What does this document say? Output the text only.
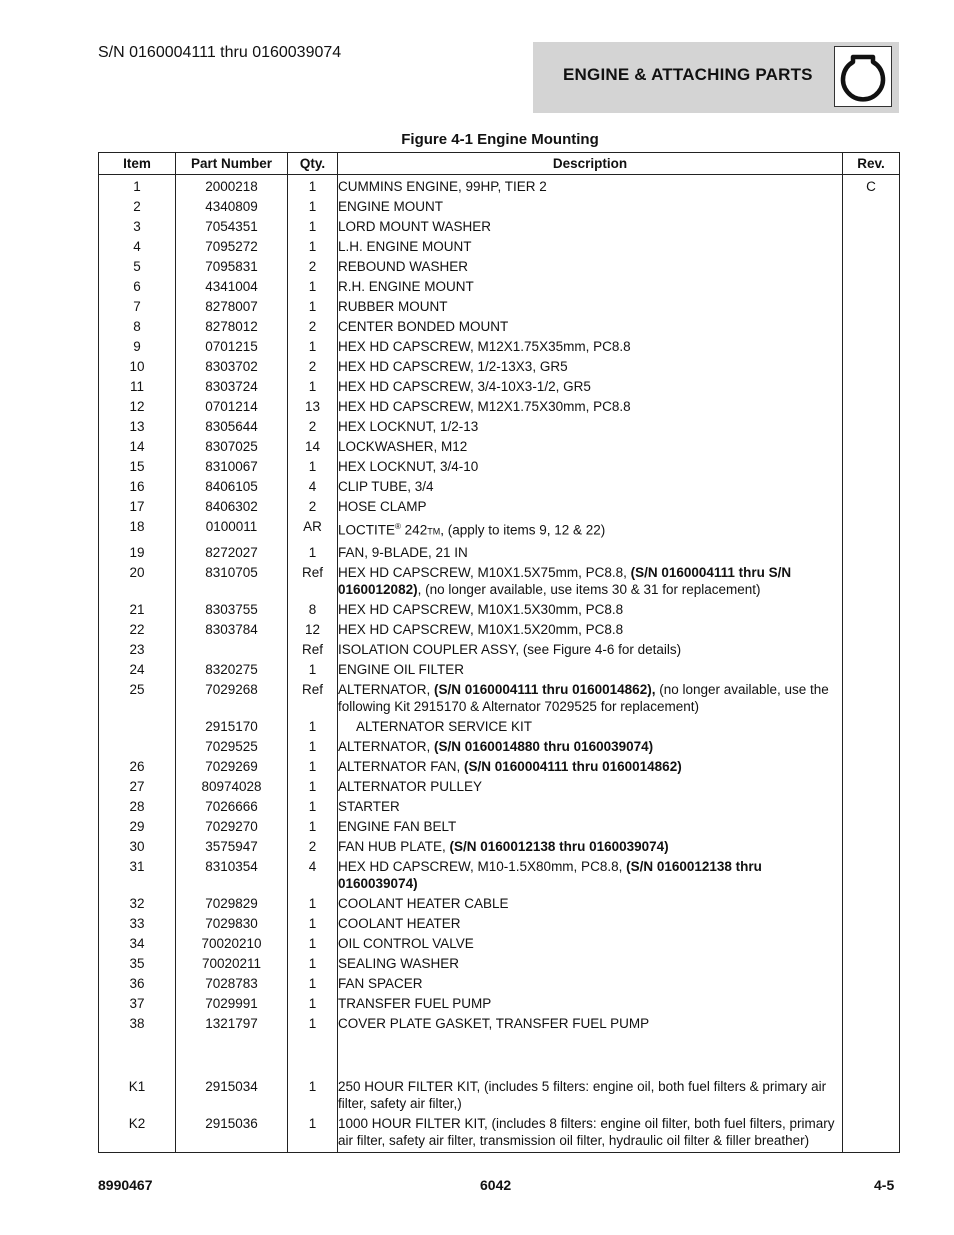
S/N 0160004111 thru 0160039074
ENGINE & ATTACHING PARTS
Figure 4-1 Engine Mounting
Item	Part Number	Qty.	Description	Rev.
1	2000218	1	CUMMINS ENGINE, 99HP, TIER 2	C
2	4340809	1	ENGINE MOUNT	
3	7054351	1	LORD MOUNT WASHER	
4	7095272	1	L.H. ENGINE MOUNT	
5	7095831	2	REBOUND WASHER	
6	4341004	1	R.H. ENGINE MOUNT	
7	8278007	1	RUBBER MOUNT	
8	8278012	2	CENTER BONDED MOUNT	
9	0701215	1	HEX HD CAPSCREW, M12X1.75X35mm, PC8.8	
10	8303702	2	HEX HD CAPSCREW, 1/2-13X3, GR5	
11	8303724	1	HEX HD CAPSCREW, 3/4-10X3-1/2, GR5	
12	0701214	13	HEX HD CAPSCREW, M12X1.75X30mm, PC8.8	
13	8305644	2	HEX LOCKNUT, 1/2-13	
14	8307025	14	LOCKWASHER, M12	
15	8310067	1	HEX LOCKNUT, 3/4-10	
16	8406105	4	CLIP TUBE, 3/4	
17	8406302	2	HOSE CLAMP	
18	0100011	AR	LOCTITE® 242TM, (apply to items 9, 12 & 22)	
19	8272027	1	FAN, 9-BLADE, 21 IN	
20	8310705	Ref	HEX HD CAPSCREW, M10X1.5X75mm, PC8.8, (S/N 0160004111 thru S/N 0160012082), (no longer available, use items 30 & 31 for replacement)	
21	8303755	8	HEX HD CAPSCREW, M10X1.5X30mm, PC8.8	
22	8303784	12	HEX HD CAPSCREW, M10X1.5X20mm, PC8.8	
23		Ref	ISOLATION COUPLER ASSY, (see Figure 4-6 for details)	
24	8320275	1	ENGINE OIL FILTER	
25	7029268	Ref	ALTERNATOR, (S/N 0160004111 thru 0160014862), (no longer available, use the following Kit 2915170 & Alternator 7029525 for replacement)	
	2915170	1	ALTERNATOR SERVICE KIT	
	7029525	1	ALTERNATOR, (S/N 0160014880 thru 0160039074)	
26	7029269	1	ALTERNATOR FAN, (S/N 0160004111 thru 0160014862)	
27	80974028	1	ALTERNATOR PULLEY	
28	7026666	1	STARTER	
29	7029270	1	ENGINE FAN BELT	
30	3575947	2	FAN HUB PLATE, (S/N 0160012138 thru 0160039074)	
31	8310354	4	HEX HD CAPSCREW, M10-1.5X80mm, PC8.8, (S/N 0160012138 thru 0160039074)	
32	7029829	1	COOLANT HEATER CABLE	
33	7029830	1	COOLANT HEATER	
34	70020210	1	OIL CONTROL VALVE	
35	70020211	1	SEALING WASHER	
36	7028783	1	FAN SPACER	
37	7029991	1	TRANSFER FUEL PUMP	
38	1321797	1	COVER PLATE GASKET, TRANSFER FUEL PUMP	

K1	2915034	1	250 HOUR FILTER KIT, (includes 5 filters: engine oil, both fuel filters & primary air filter, safety air filter,)	
K2	2915036	1	1000 HOUR FILTER KIT, (includes 8 filters: engine oil filter, both fuel filters, primary air filter, safety air filter, transmission oil filter, hydraulic oil filter & filler breather)	
8990467	6042	4-5
